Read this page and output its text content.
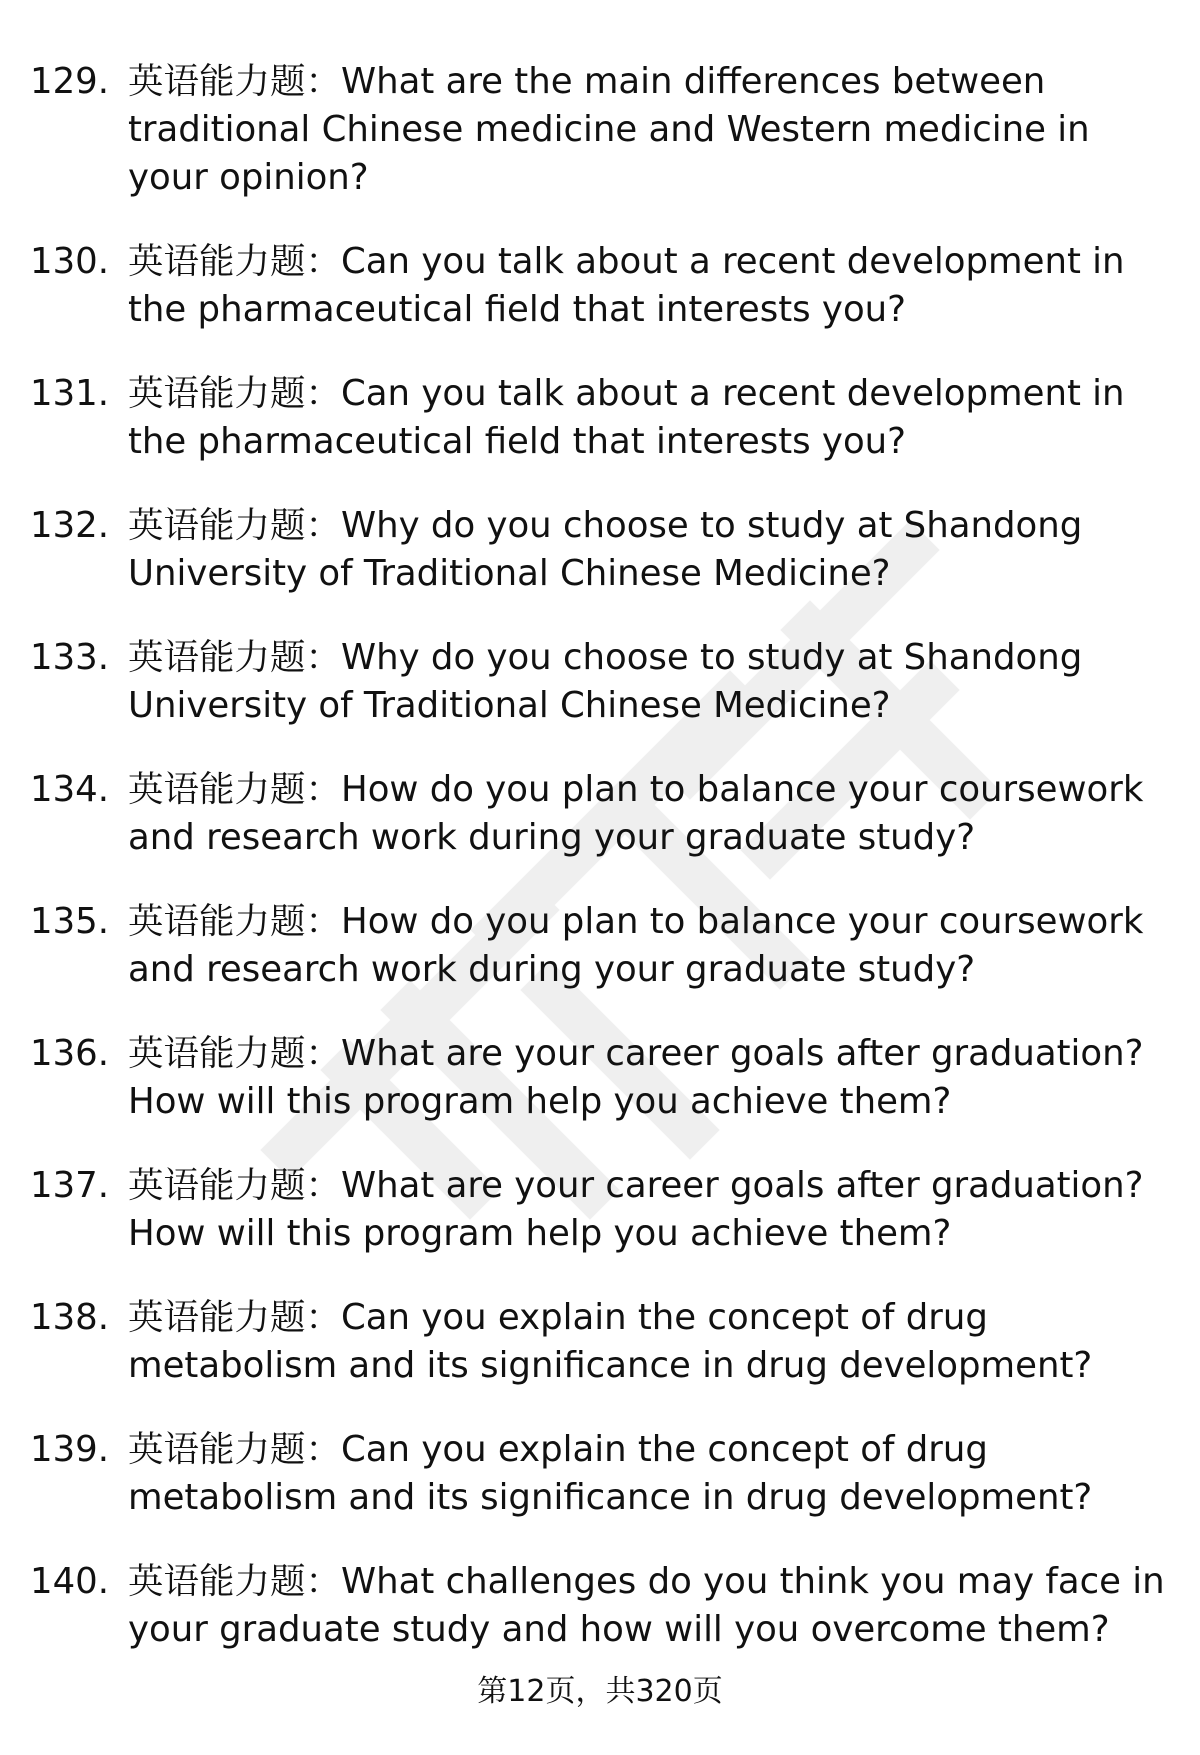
129. 英语能力题：What are the main differences between traditional Chinese medicine and Western medicine in your opinion?
130. 英语能力题：Can you talk about a recent development in the pharmaceutical field that interests you?
131. 英语能力题：Can you talk about a recent development in the pharmaceutical field that interests you?
132. 英语能力题：Why do you choose to study at Shandong University of Traditional Chinese Medicine?
133. 英语能力题：Why do you choose to study at Shandong University of Traditional Chinese Medicine?
134. 英语能力题：How do you plan to balance your coursework and research work during your graduate study?
135. 英语能力题：How do you plan to balance your coursework and research work during your graduate study?
136. 英语能力题：What are your career goals after graduation? How will this program help you achieve them?
137. 英语能力题：What are your career goals after graduation? How will this program help you achieve them?
138. 英语能力题：Can you explain the concept of drug metabolism and its significance in drug development?
139. 英语能力题：Can you explain the concept of drug metabolism and its significance in drug development?
140. 英语能力题：What challenges do you think you may face in your graduate study and how will you overcome them?
第12页，共320页
